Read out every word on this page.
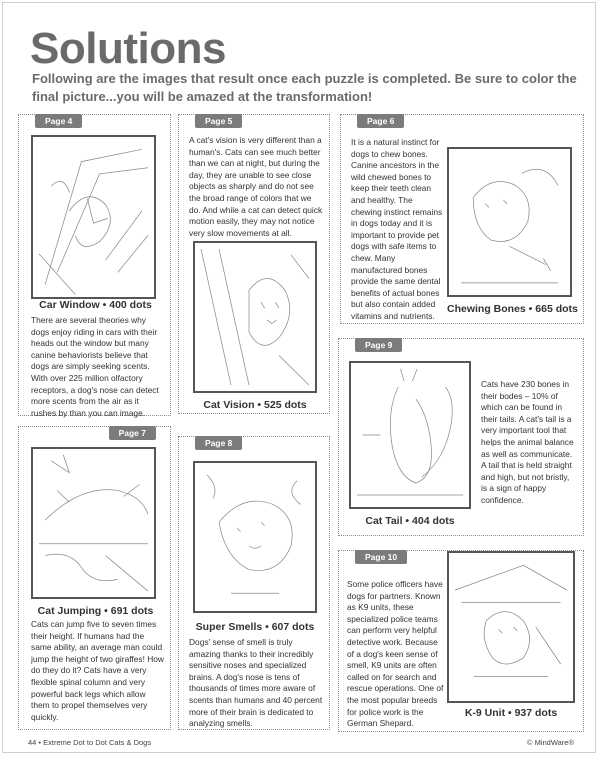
Solutions

Following are the images that result once each puzzle is completed. Be sure to color the final picture...you will be amazed at the transformation!

Page 4
Car Window • 400 dots

There are several theories why dogs enjoy riding in cars with their heads out the window but many canine behaviorists believe that dogs are simply seeking scents. With over 225 million olfactory receptors, a dog's nose can detect more scents from the air as it rushes by than you can image.

Page 5

A cat's vision is very different than a human's. Cats can see much better than we can at night, but during the day, they are unable to see close objects as sharply and do not see the broad range of colors that we do. And while a cat can detect quick motion easily, they may not notice very slow movements at all.

Cat Vision • 525 dots
Page 6

It is a natural instinct for dogs to chew bones. Canine ancestors in the wild chewed bones to keep their teeth clean and healthy. The chewing instinct remains in dogs today and it is important to provide pet dogs with safe items to chew. Many manufactured bones provide the same dental benefits of actual bones but also contain added vitamins and nutrients.

Chewing Bones • 665 dots
Page 7
Cat Jumping • 691 dots

Cats can jump five to seven times their height. If humans had the same ability, an average man could jump the height of two giraffes! How do they do it? Cats have a very flexible spinal column and very powerful back legs which allow them to propel themselves very quickly.

Page 8
Super Smells • 607 dots

Dogs' sense of smell is truly amazing thanks to their incredibly sensitive noses and specialized brains. A dog's nose is tens of thousands of times more aware of scents than humans and 40 percent more of their brain is dedicated to analyzing smells.

Page 9
Cat Tail • 404 dots

Cats have 230 bones in their bodes – 10% of which can be found in their tails. A cat's tail is a very important tool that helps the animal balance as well as communicate. A tail that is held straight and high, but not bristly, is a sign of happy confidence.

Page 10

Some police officers have dogs for partners. Known as K9 units, these specialized police teams can perform very helpful detective work. Because of a dog's keen sense of smell, K9 units are often called on for search and rescue operations. One of the most popular breeds for police work is the German Shepard.

K-9 Unit • 937 dots
44 • Extreme Dot to Dot Cats & Dogs	© MindWare®
